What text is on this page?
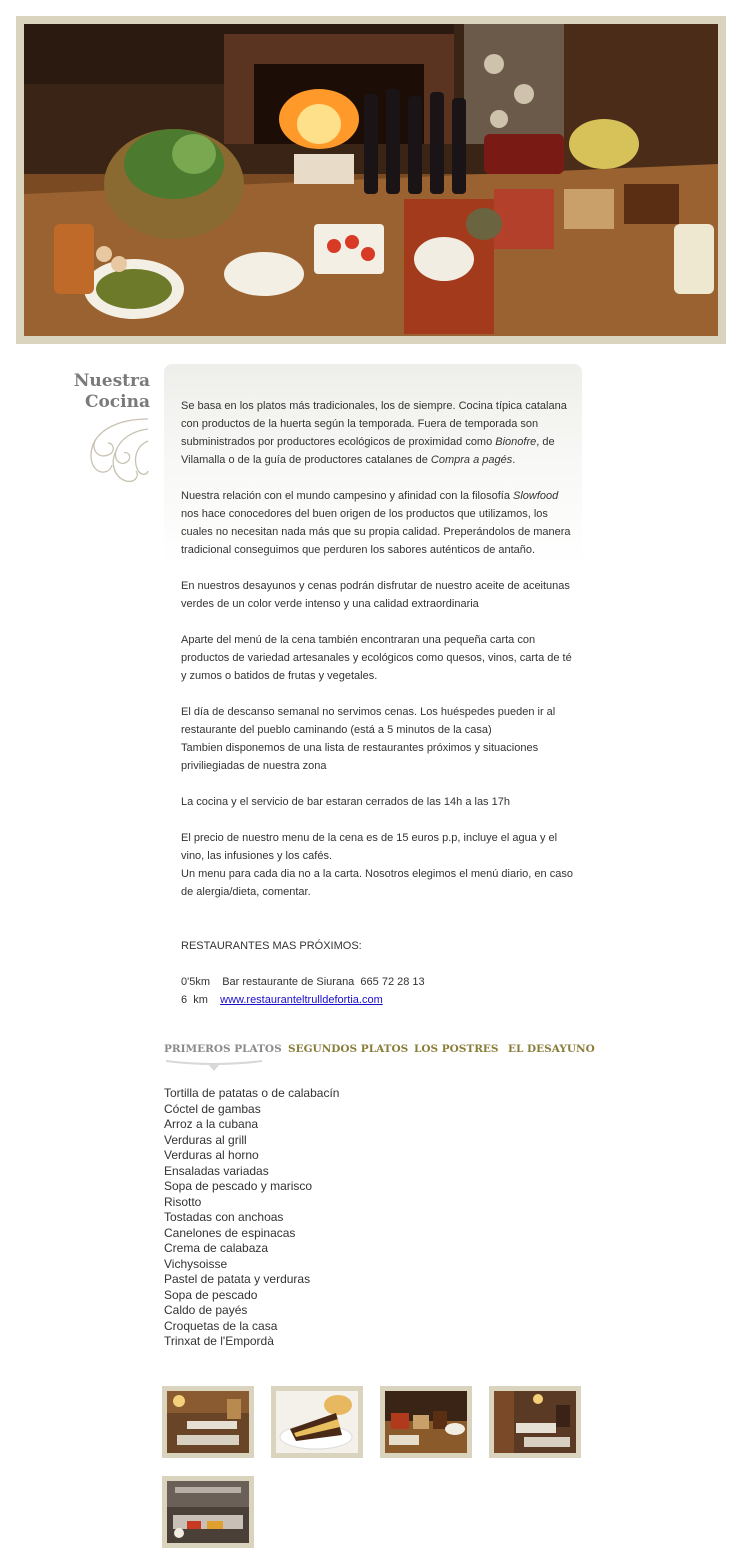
Nuestra
Cocina	Se basa en los platos más tradicionales, los de siempre. Cocina típica catalana con productos de la huerta según la temporada. Fuera de temporada son subministrados por productores ecológicos de proximidad como Bionofre, de Vilamalla o de la guía de productores catalanes de Compra a pagés.

Nuestra relación con el mundo campesino y afinidad con la filosofía Slowfood nos hace conocedores del buen origen de los productos que utilizamos, los cuales no necesitan nada más que su propia calidad. Preperándolos de manera tradicional conseguimos que perduren los sabores auténticos de antaño.

En nuestros desayunos y cenas podrán disfrutar de nuestro aceite de aceitunas verdes de un color verde intenso y una calidad extraordinaria

Aparte del menú de la cena también encontraran una pequeña carta con productos de variedad artesanales y ecológicos como quesos, vinos, carta de té y zumos o batidos de frutas y vegetales.

El día de descanso semanal no servimos cenas. Los huéspedes pueden ir al restaurante del pueblo caminando (está a 5 minutos de la casa)
Tambien disponemos de una lista de restaurantes próximos y situaciones priviliegiadas de nuestra zona

La cocina y el servicio de bar estaran cerrados de las 14h a las 17h

El precio de nuestro menu de la cena es de 15 euros p.p, incluye el agua y el vino, las infusiones y los cafés.
Un menu para cada dia no a la carta. Nosotros elegimos el menú diario, en caso de alergia/dieta, comentar.

RESTAURANTES MAS PRÓXIMOS:

0'5km    Bar restaurante de Siurana  665 72 28 13
6  km    www.restauranteltrulldefortia.com
PRIMEROS PLATOS SEGUNDOS PLATOS LOS POSTRES EL DESAYUNO
Tortilla de patatas o de calabacín
Cóctel de gambas
Arroz a la cubana
Verduras al grill
Verduras al horno
Ensaladas variadas
Sopa de pescado y marisco
Risotto
Tostadas con anchoas
Canelones de espinacas
Crema de calabaza
Vichysoisse
Pastel de patata y verduras
Sopa de pescado
Caldo de payés
Croquetas de la casa
Trinxat de l'Empordà
